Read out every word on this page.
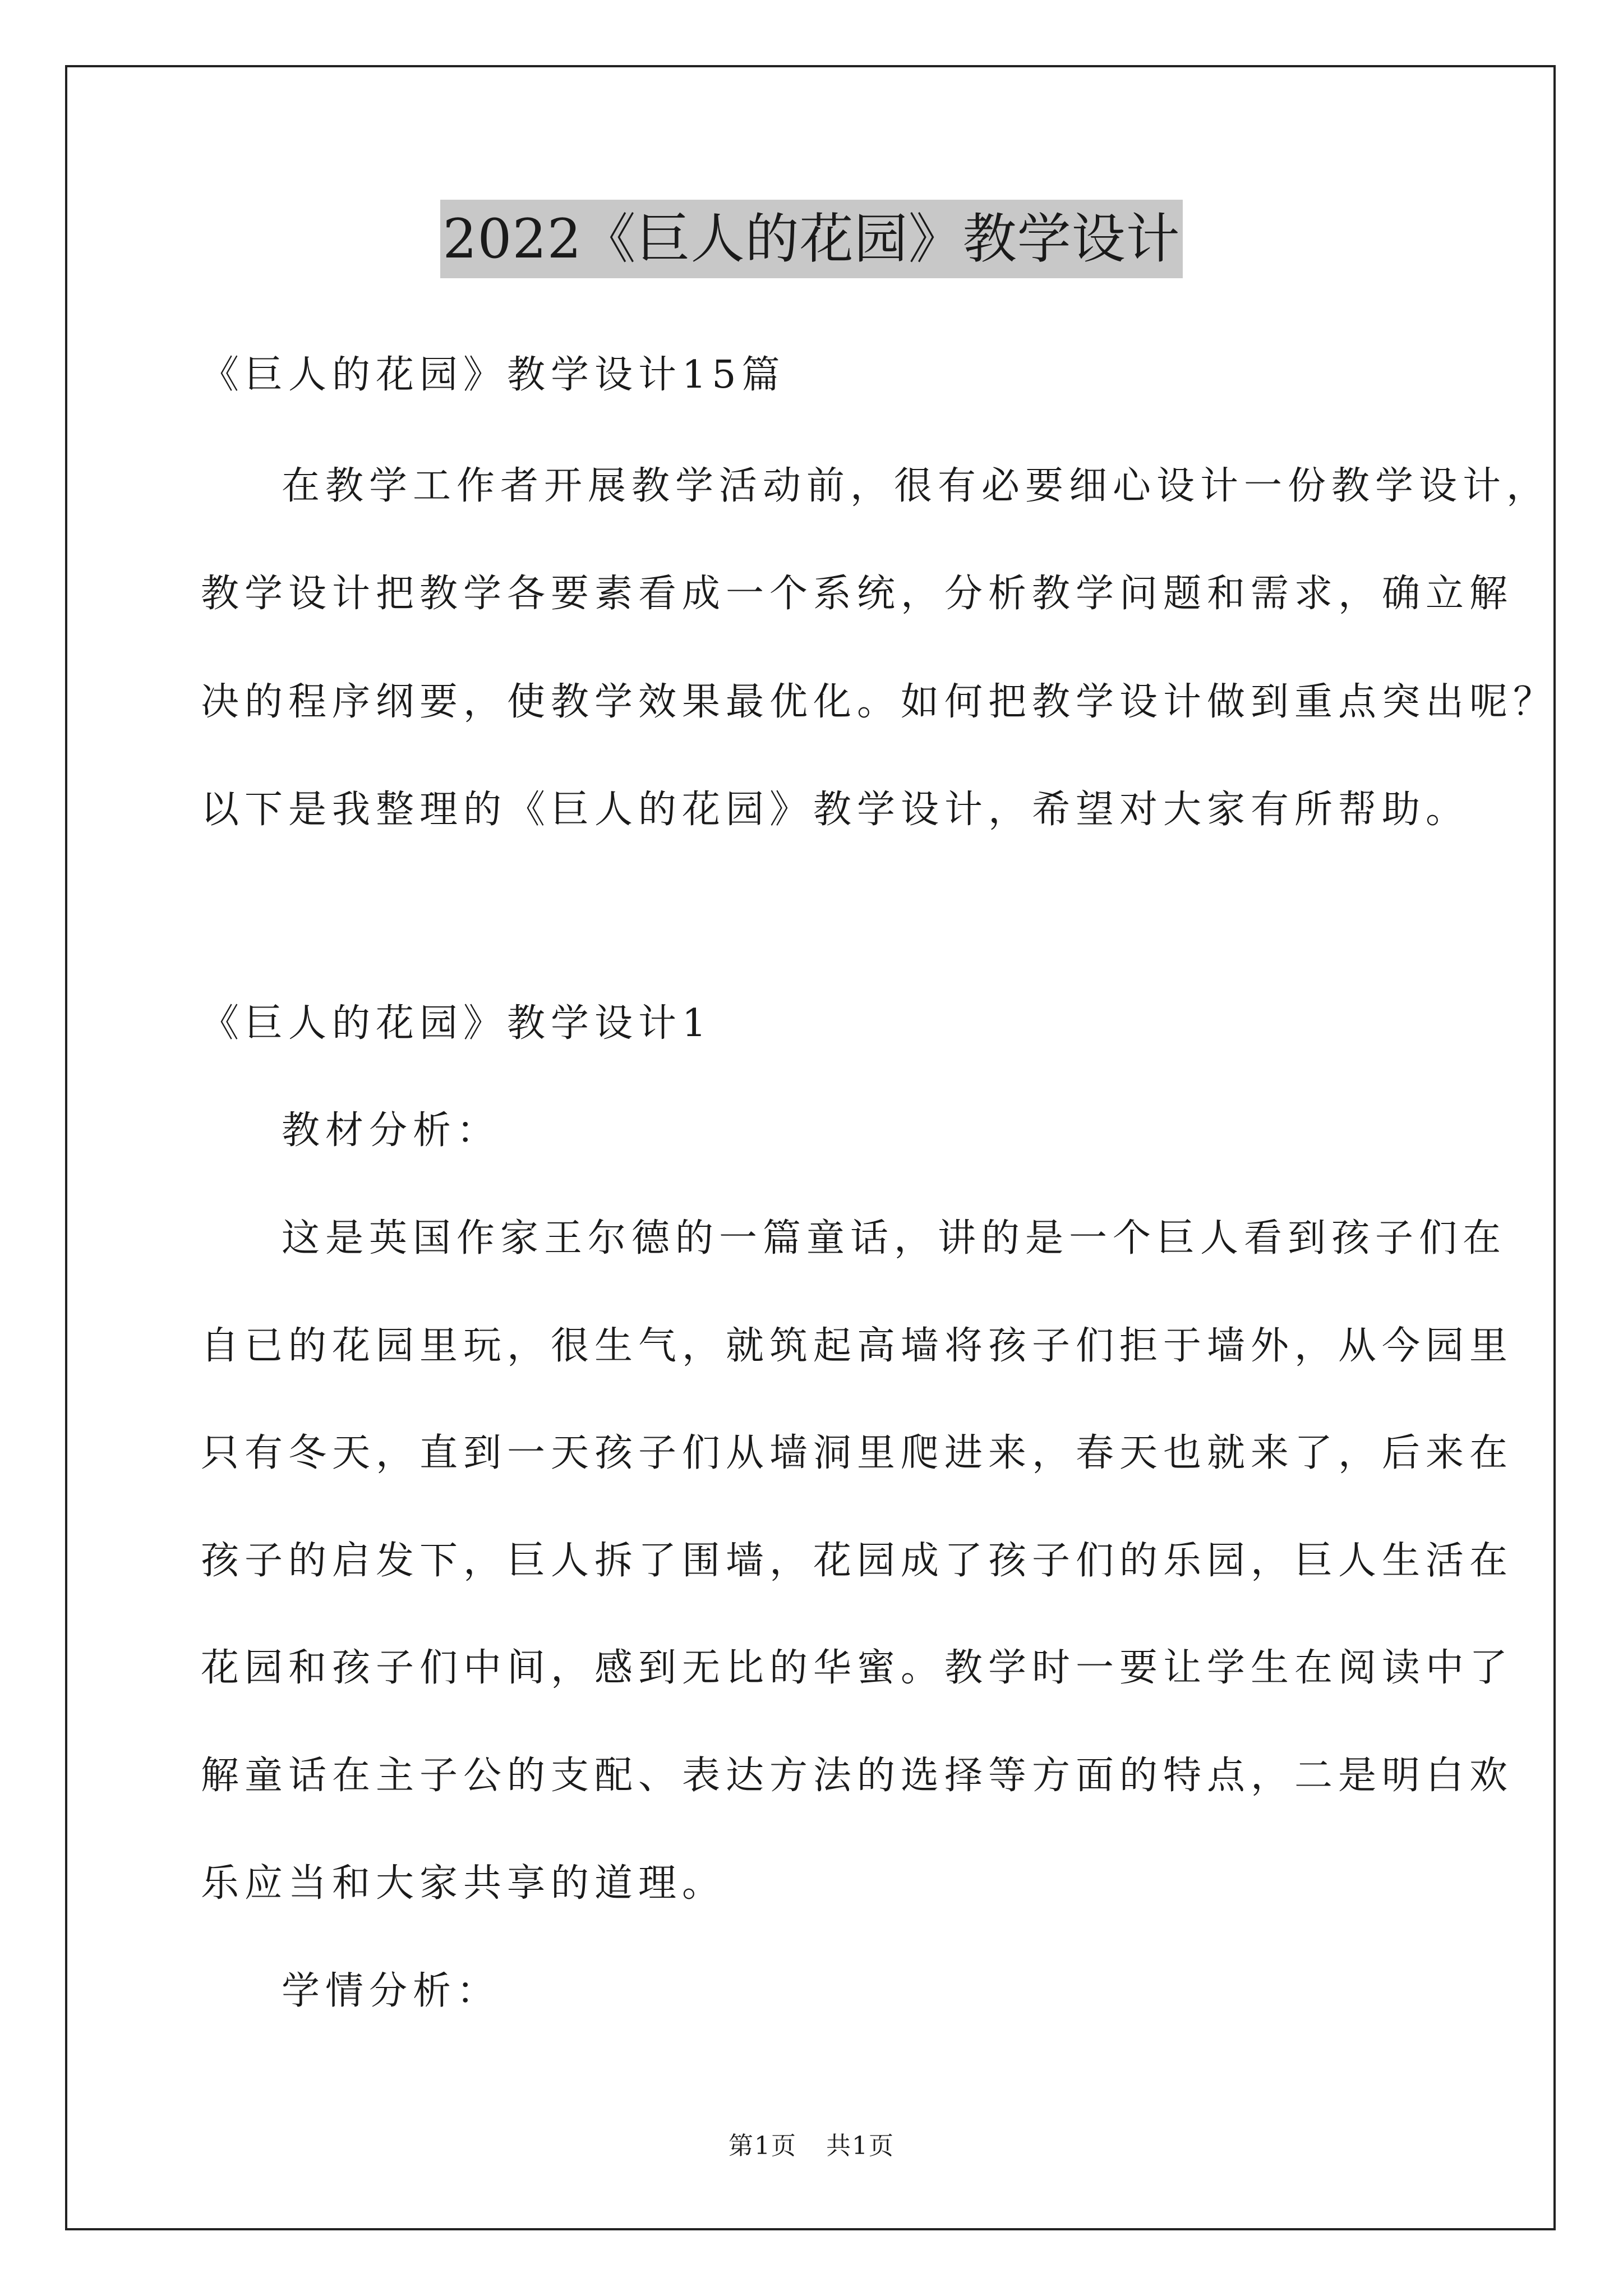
2022《巨人的花园》教学设计
《巨人的花园》教学设计15篇
在教学工作者开展教学活动前，很有必要细心设计一份教学设计，
教学设计把教学各要素看成一个系统，分析教学问题和需求，确立解
决的程序纲要，使教学效果最优化。如何把教学设计做到重点突出呢？
以下是我整理的《巨人的花园》教学设计，希望对大家有所帮助。
《巨人的花园》教学设计1
教材分析：
这是英国作家王尔德的一篇童话，讲的是一个巨人看到孩子们在
自已的花园里玩，很生气，就筑起高墙将孩子们拒于墙外，从今园里
只有冬天，直到一天孩子们从墙洞里爬进来，春天也就来了，后来在
孩子的启发下，巨人拆了围墙，花园成了孩子们的乐园，巨人生活在
花园和孩子们中间，感到无比的华蜜。教学时一要让学生在阅读中了
解童话在主子公的支配、表达方法的选择等方面的特点，二是明白欢
乐应当和大家共享的道理。
学情分析：
第1页 共1页
